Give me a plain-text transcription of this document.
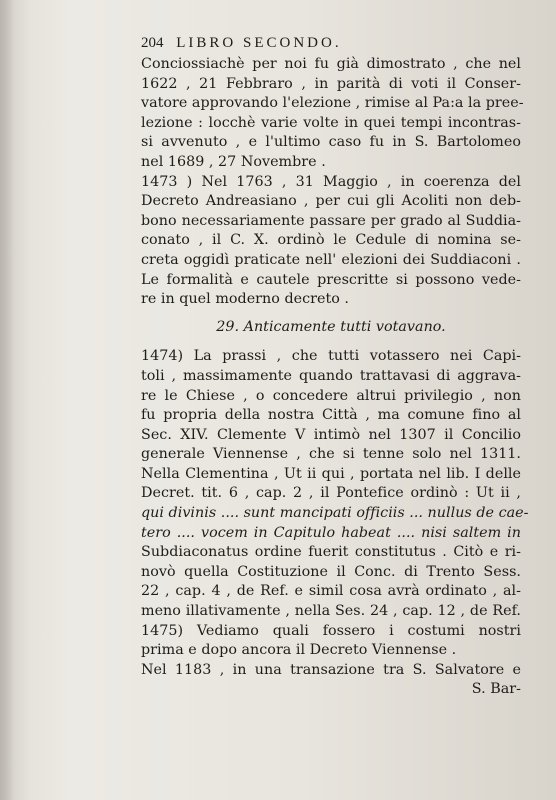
204 LIBRO SECONDO.
Conciossiachè per noi fu già dimostrato , che nel
1622 , 21 Febbraro , in parità di voti il Conser-
vatore approvando l'elezione , rimise al Pa:a la pree-
lezione : locchè varie volte in quei tempi incontras-
si avvenuto , e l'ultimo caso fu in S. Bartolomeo
nel 1689 , 27 Novembre .
1473 ) Nel 1763 , 31 Maggio , in coerenza del
Decreto Andreasiano , per cui gli Acoliti non deb-
bono necessariamente passare per grado al Suddia-
conato , il C. X. ordinò le Cedule di nomina se-
creta oggidì praticate nell' elezioni dei Suddiaconi .
Le formalità e cautele prescritte si possono vede-
re in quel moderno decreto .
29. Anticamente tutti votavano.
1474) La prassi , che tutti votassero nei Capi-
toli , massimamente quando trattavasi di aggrava-
re le Chiese , o concedere altrui privilegio , non
fu propria della nostra Città , ma comune fino al
Sec. XIV. Clemente V intimò nel 1307 il Concilio
generale Viennense , che si tenne solo nel 1311.
Nella Clementina , Ut ii qui , portata nel lib. I delle
Decret. tit. 6 , cap. 2 , il Pontefice ordinò : Ut ii ,
qui divinis .... sunt mancipati officiis ... nullus de cae-
tero .... vocem in Capitulo habeat .... nisi saltem in
Subdiaconatus ordine fuerit constitutus . Citò e ri-
novò quella Costituzione il Conc. di Trento Sess.
22 , cap. 4 , de Ref. e simil cosa avrà ordinato , al-
meno illativamente , nella Ses. 24 , cap. 12 , de Ref.
1475) Vediamo quali fossero i costumi nostri
prima e dopo ancora il Decreto Viennense .
Nel 1183 , in una transazione tra S. Salvatore e
S. Bar-
